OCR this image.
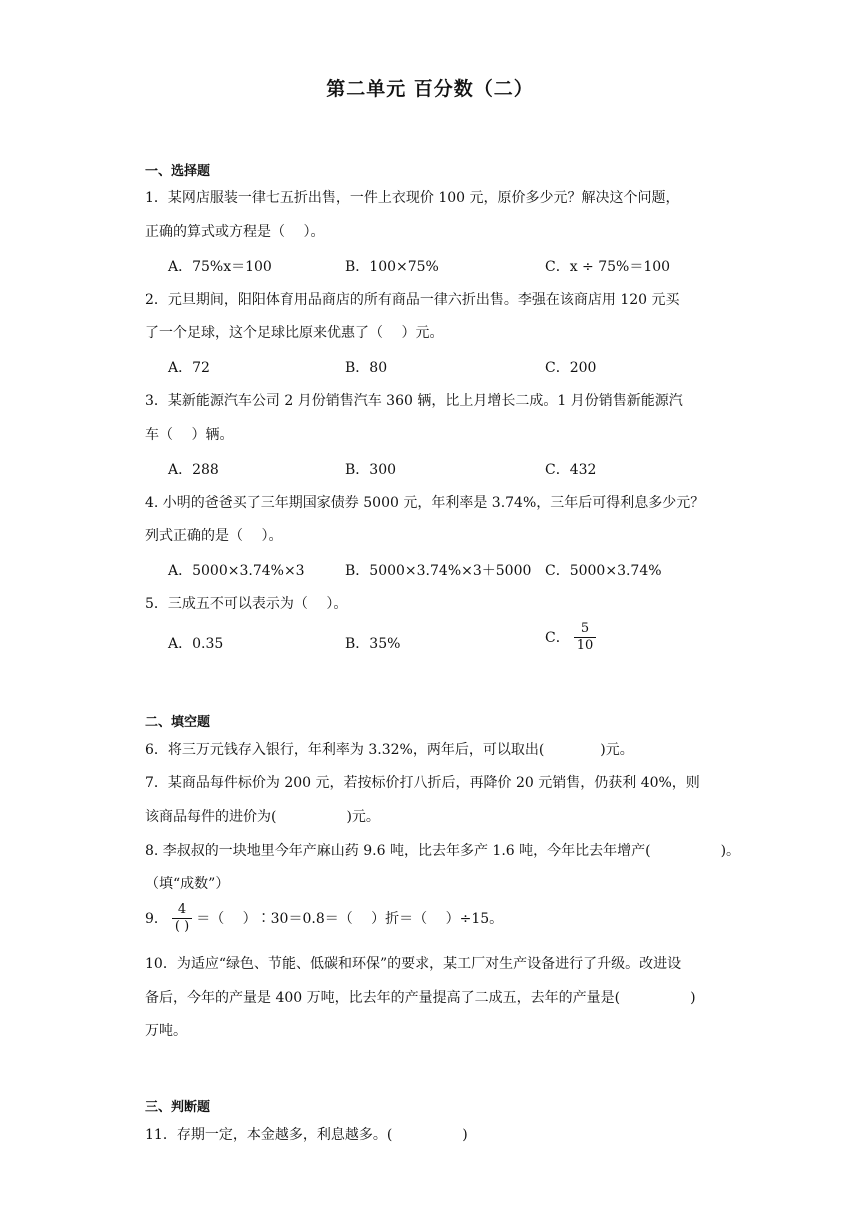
第二单元 百分数（二）
一、选择题
1．某网店服装一律七五折出售，一件上衣现价 100 元，原价多少元？解决这个问题，
正确的算式或方程是（　 ）。
A．75%x＝100	B．100×75%	C．x ÷ 75%＝100
2．元旦期间，阳阳体育用品商店的所有商品一律六折出售。李强在该商店用 120 元买
了一个足球，这个足球比原来优惠了（　 ）元。
A．72	B．80	C．200
3．某新能源汽车公司 2 月份销售汽车 360 辆，比上月增长二成。1 月份销售新能源汽
车（　 ）辆。
A．288	B．300	C．432
4. 小明的爸爸买了三年期国家债券 5000 元，年利率是 3.74%，三年后可得利息多少元？
列式正确的是（　 ）。
A．5000×3.74%×3	B．5000×3.74%×3＋5000 C．5000×3.74%
5．三成五不可以表示为（　 ）。
A．0.35	B．35%	C． $\frac{5}{10}$
二、填空题
6．将三万元钱存入银行，年利率为 3.32%，两年后，可以取出(　　　　)元。
7．某商品每件标价为 200 元，若按标价打八折后，再降价 20 元销售，仍获利 40%，则
该商品每件的进价为(　　　　　)元。
8. 李叔叔的一块地里今年产麻山药 9.6 吨，比去年多产 1.6 吨，今年比去年增产(　　　　　)。
（填“成数”）
9． $\frac{4}{( )}$ ＝（　 ）∶30＝0.8＝（　 ）折＝（　 ）÷15。
10．为适应“绿色、节能、低碳和环保”的要求，某工厂对生产设备进行了升级。改进设
备后，今年的产量是 400 万吨，比去年的产量提高了二成五，去年的产量是(　　　　　)
万吨。
三、判断题
11．存期一定，本金越多，利息越多。(　　　　　)
